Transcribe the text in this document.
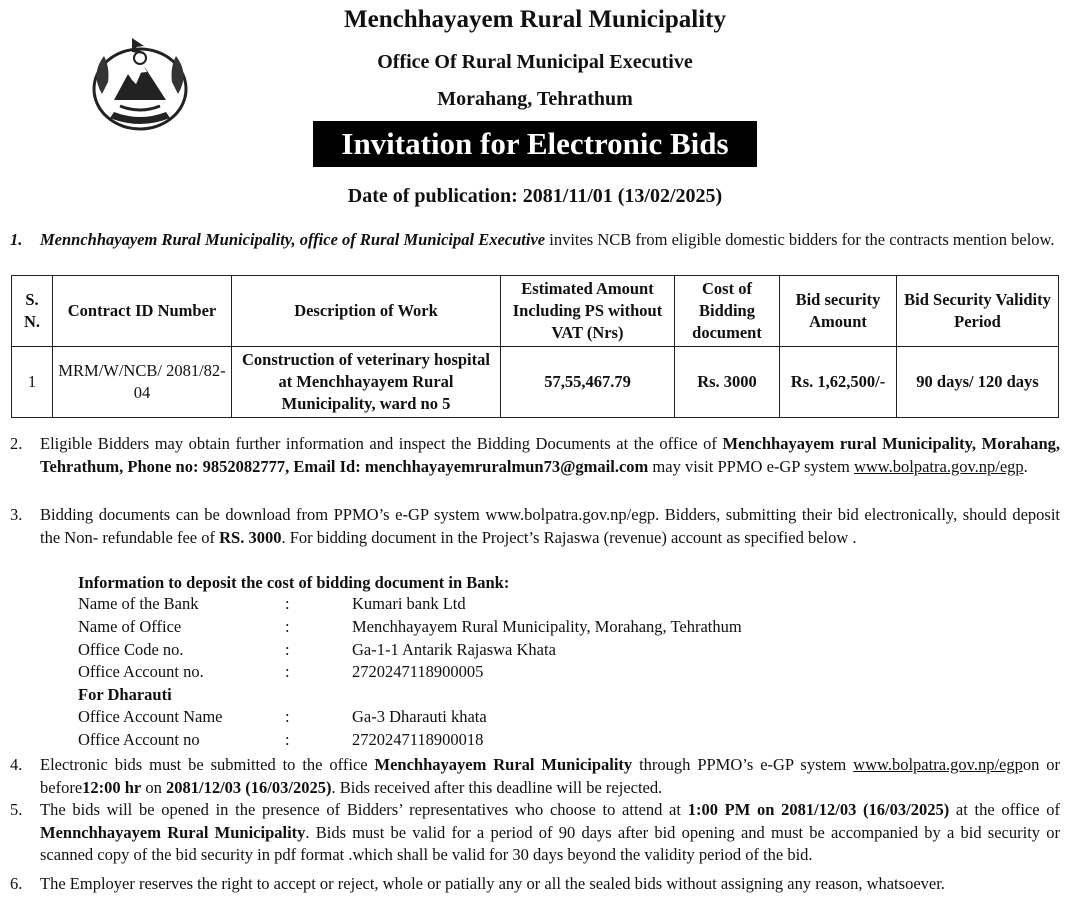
Menchhayayem Rural Municipality
Office Of Rural Municipal Executive
Morahang, Tehrathum
Invitation for Electronic Bids
Date of publication: 2081/11/01 (13/02/2025)
1. Mennchhayayem Rural Municipality, office of Rural Municipal Executive invites NCB from eligible domestic bidders for the contracts mention below.
S. N.	Contract ID Number	Description of Work	Estimated Amount Including PS without VAT (Nrs)	Cost of Bidding document	Bid security Amount	Bid Security Validity Period
1	MRM/W/NCB/ 2081/82-04	Construction of veterinary hospital at Menchhayayem Rural Municipality, ward no 5	57,55,467.79	Rs. 3000	Rs. 1,62,500/-	90 days/ 120 days
2. Eligible Bidders may obtain further information and inspect the Bidding Documents at the office of Menchhayayem rural Municipality, Morahang, Tehrathum, Phone no: 9852082777, Email Id: menchhayayemruralmun73@gmail.com may visit PPMO e-GP system www.bolpatra.gov.np/egp.
3. Bidding documents can be download from PPMO’s e-GP system www.bolpatra.gov.np/egp. Bidders, submitting their bid electronically, should deposit the Non- refundable fee of RS. 3000. For bidding document in the Project’s Rajaswa (revenue) account as specified below .
Information to deposit the cost of bidding document in Bank:
Name of the Bank	:	Kumari bank Ltd
Name of Office	:	Menchhayayem Rural Municipality, Morahang, Tehrathum
Office Code no.	:	Ga-1-1 Antarik Rajaswa Khata
Office Account no.	:	2720247118900005
For Dharauti
Office Account Name	:	Ga-3 Dharauti khata
Office Account no	:	2720247118900018
4. Electronic bids must be submitted to the office Menchhayayem Rural Municipality through PPMO’s e-GP system www.bolpatra.gov.np/egpon or before12:00 hr on 2081/12/03 (16/03/2025). Bids received after this deadline will be rejected.
5. The bids will be opened in the presence of Bidders’ representatives who choose to attend at 1:00 PM on 2081/12/03 (16/03/2025) at the office of Mennchhayayem Rural Municipality. Bids must be valid for a period of 90 days after bid opening and must be accompanied by a bid security or scanned copy of the bid security in pdf format .which shall be valid for 30 days beyond the validity period of the bid.
6. The Employer reserves the right to accept or reject, whole or patially any or all the sealed bids without assigning any reason, whatsoever.
